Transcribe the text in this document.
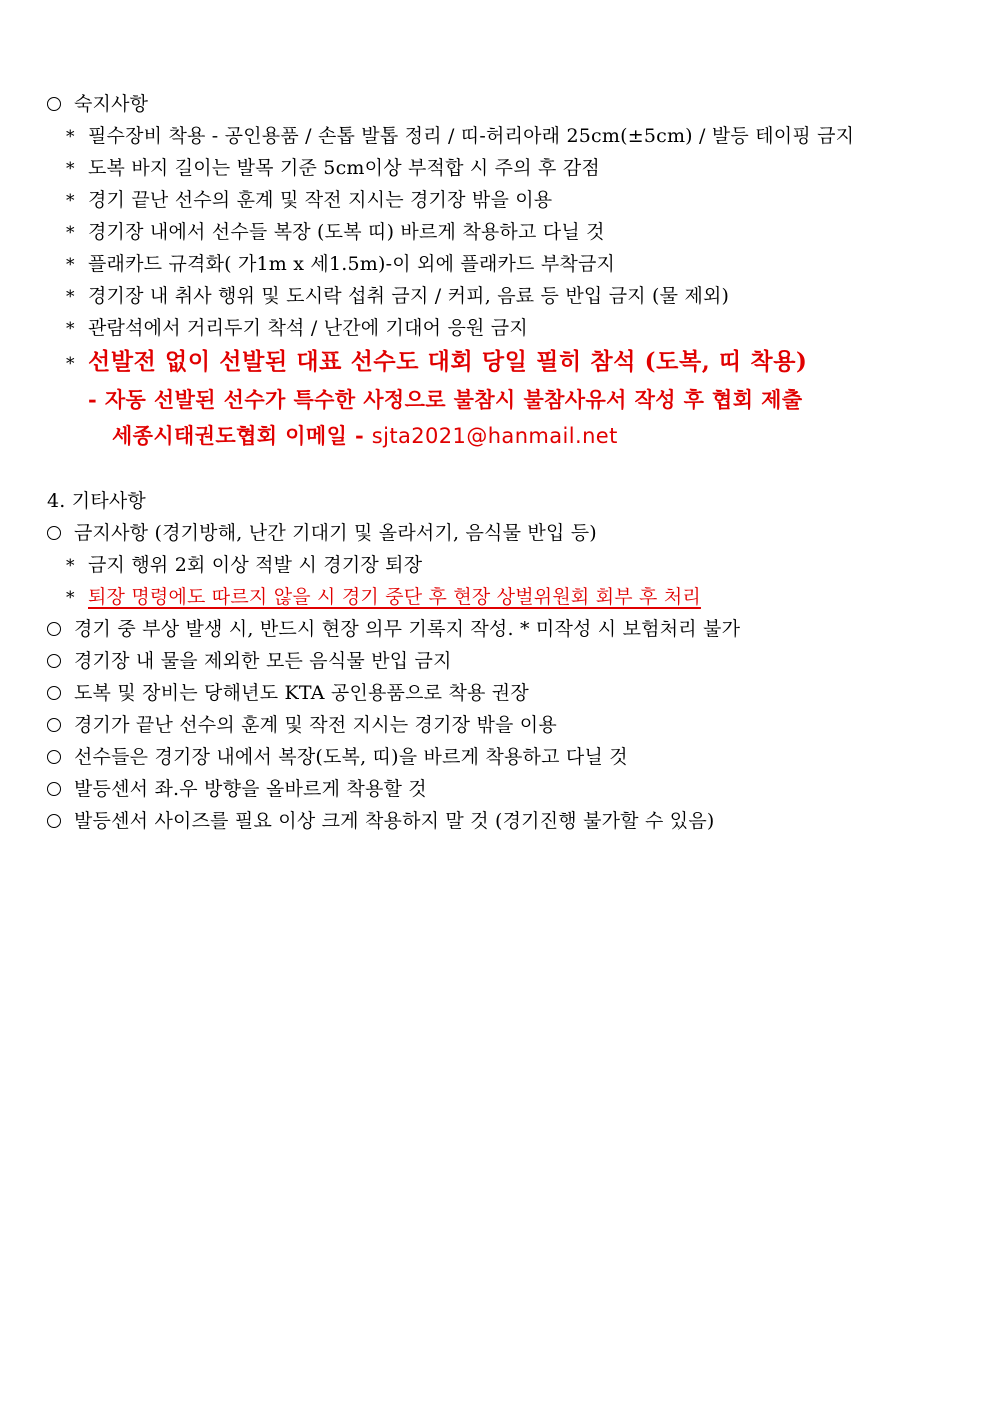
숙지사항
* 필수장비 착용 - 공인용품 / 손톱 발톱 정리 / 띠-허리아래 25cm(±5cm) / 발등 테이핑 금지
* 도복 바지 길이는 발목 기준 5cm이상 부적합 시 주의 후 감점
* 경기 끝난 선수의 훈계 및 작전 지시는 경기장 밖을 이용
* 경기장 내에서 선수들 복장 (도복 띠) 바르게 착용하고 다닐 것
* 플래카드 규격화( 가1m x 세1.5m)-이 외에 플래카드 부착금지
* 경기장 내 취사 행위 및 도시락 섭취 금지 / 커피, 음료 등 반입 금지 (물 제외)
* 관람석에서 거리두기 착석 / 난간에 기대어 응원 금지
* 선발전 없이 선발된 대표 선수도 대회 당일 필히 참석 (도복, 띠 착용)
- 자동 선발된 선수가 특수한 사정으로 불참시 불참사유서 작성 후 협회 제출
세종시태권도협회 이메일 - sjta2021@hanmail.net
4. 기타사항
금지사항 (경기방해, 난간 기대기 및 올라서기, 음식물 반입 등)
* 금지 행위 2회 이상 적발 시 경기장 퇴장
* 퇴장 명령에도 따르지 않을 시 경기 중단 후 현장 상벌위원회 회부 후 처리
경기 중 부상 발생 시, 반드시 현장 의무 기록지 작성. * 미작성 시 보험처리 불가
경기장 내 물을 제외한 모든 음식물 반입 금지
도복 및 장비는 당해년도 KTA 공인용품으로 착용 권장
경기가 끝난 선수의 훈계 및 작전 지시는 경기장 밖을 이용
선수들은 경기장 내에서 복장(도복, 띠)을 바르게 착용하고 다닐 것
발등센서 좌.우 방향을 올바르게 착용할 것
발등센서 사이즈를 필요 이상 크게 착용하지 말 것 (경기진행 불가할 수 있음)
